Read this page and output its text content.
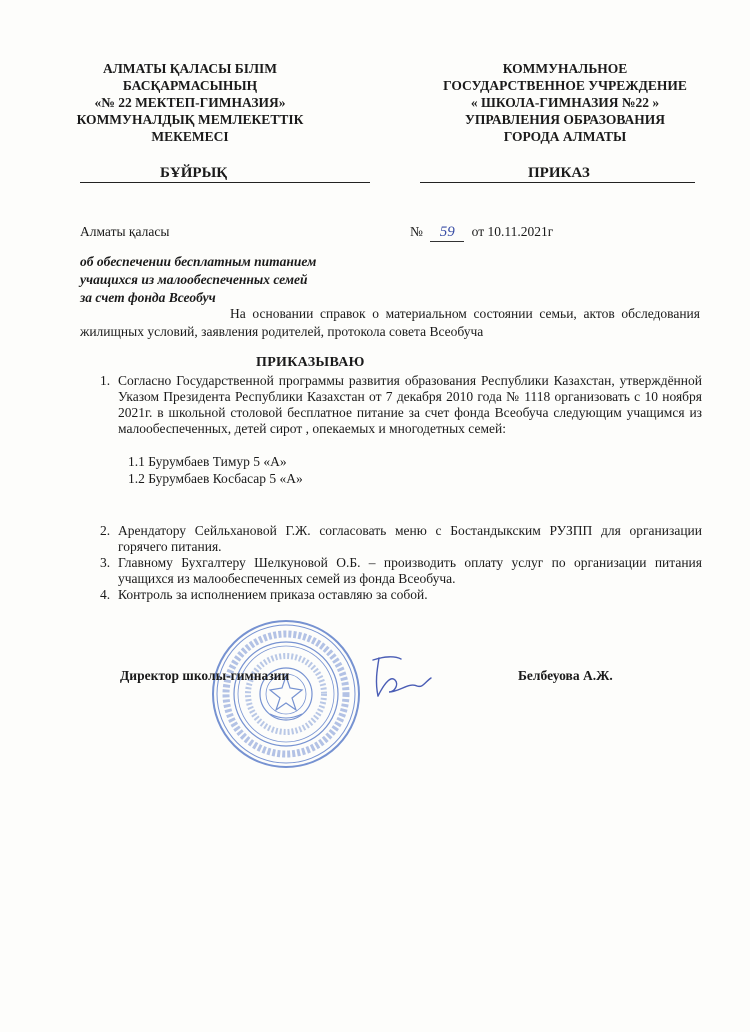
АЛМАТЫ ҚАЛАСЫ БІЛІМ
БАСҚАРМАСЫНЫҢ
«№ 22 МЕКТЕП-ГИМНАЗИЯ»
КОММУНАЛДЫҚ МЕМЛЕКЕТТІК
МЕКЕМЕСІ
КОММУНАЛЬНОЕ
ГОСУДАРСТВЕННОЕ УЧРЕЖДЕНИЕ
« ШКОЛА-ГИМНАЗИЯ №22 »
УПРАВЛЕНИЯ ОБРАЗОВАНИЯ
ГОРОДА АЛМАТЫ
БҰЙРЫҚ	ПРИКАЗ
Алматы қаласы	№ 59 от 10.11.2021г
об обеспечении бесплатным питанием
учащихся из малообеспеченных семей
за счет фонда Всеобуч
На основании справок о материальном состоянии семьи, актов обследования жилищных условий, заявления родителей, протокола совета Всеобуча
ПРИКАЗЫВАЮ
1. Согласно Государственной программы развития образования Республики Казахстан, утверждённой Указом Президента Республики Казахстан от 7 декабря 2010 года № 1118 организовать с 10 ноября 2021г. в школьной столовой бесплатное питание за счет фонда Всеобуча следующим учащимся из малообеспеченных, детей сирот , опекаемых и многодетных семей:
1.1 Бурумбаев Тимур 5 «А»
1.2 Бурумбаев Косбасар 5 «А»
2. Арендатору Сейльхановой Г.Ж. согласовать меню с Бостандыкским РУЗПП для организации горячего питания.
3. Главному Бухгалтеру Шелкуновой О.Б. – производить оплату услуг по организации питания учащихся из малообеспеченных семей из фонда Всеобуча.
4. Контроль за исполнением приказа оставляю за собой.
Директор школы-гимназии	Белбеуова А.Ж.
